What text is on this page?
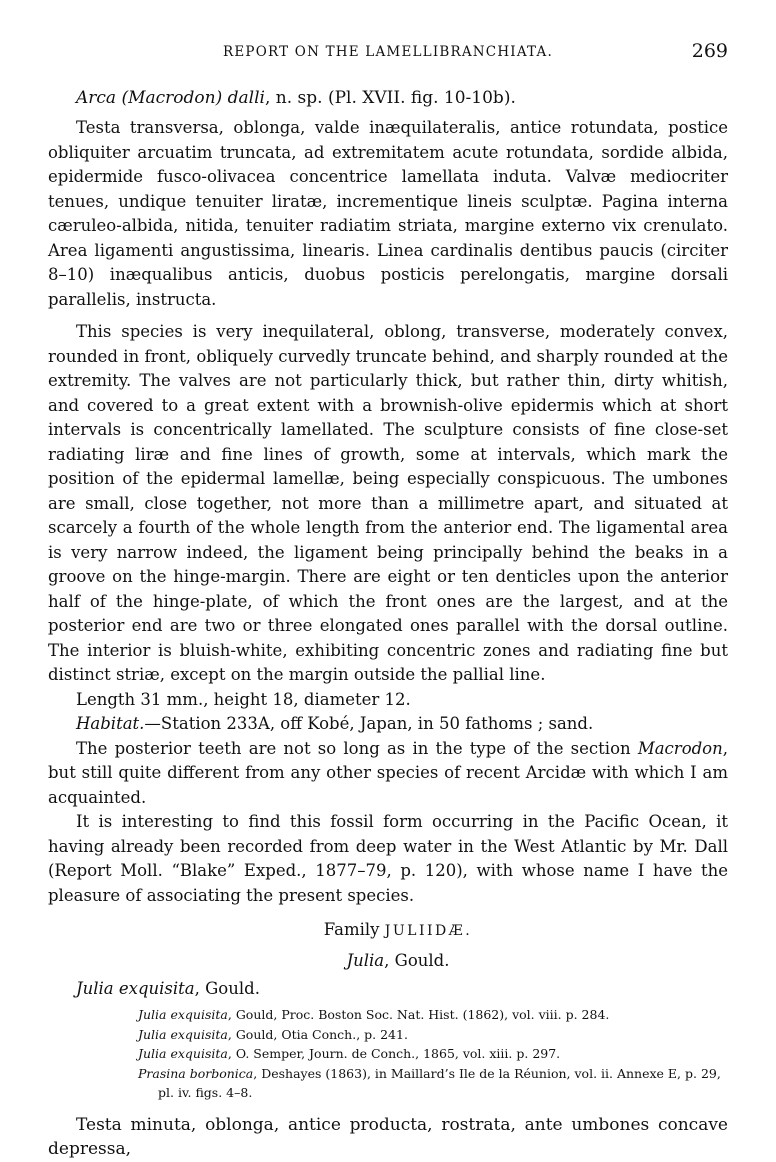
REPORT ON THE LAMELLIBRANCHIATA.	269
Arca (Macrodon) dalli, n. sp. (Pl. XVII. fig. 10-10b).

Testa transversa, oblonga, valde inæquilateralis, antice rotundata, postice obliquiter arcuatim truncata, ad extremitatem acute rotundata, sordide albida, epidermide fusco-olivacea concentrice lamellata induta. Valvæ mediocriter tenues, undique tenuiter liratæ, incrementique lineis sculptæ. Pagina interna cæruleo-albida, nitida, tenuiter radiatim striata, margine externo vix crenulato. Area ligamenti angustissima, linearis. Linea cardinalis dentibus paucis (circiter 8–10) inæqualibus anticis, duobus posticis perelongatis, margine dorsali parallelis, instructa.

This species is very inequilateral, oblong, transverse, moderately convex, rounded in front, obliquely curvedly truncate behind, and sharply rounded at the extremity. The valves are not particularly thick, but rather thin, dirty whitish, and covered to a great extent with a brownish-olive epidermis which at short intervals is concentrically lamellated. The sculpture consists of fine close-set radiating liræ and fine lines of growth, some at intervals, which mark the position of the epidermal lamellæ, being especially conspicuous. The umbones are small, close together, not more than a millimetre apart, and situated at scarcely a fourth of the whole length from the anterior end. The ligamental area is very narrow indeed, the ligament being principally behind the beaks in a groove on the hinge-margin. There are eight or ten denticles upon the anterior half of the hinge-plate, of which the front ones are the largest, and at the posterior end are two or three elongated ones parallel with the dorsal outline. The interior is bluish-white, exhibiting concentric zones and radiating fine but distinct striæ, except on the margin outside the pallial line.

Length 31 mm., height 18, diameter 12.

Habitat.—Station 233A, off Kobé, Japan, in 50 fathoms ; sand.

The posterior teeth are not so long as in the type of the section Macrodon, but still quite different from any other species of recent Arcidæ with which I am acquainted.

It is interesting to find this fossil form occurring in the Pacific Ocean, it having already been recorded from deep water in the West Atlantic by Mr. Dall (Report Moll. “Blake” Exped., 1877–79, p. 120), with whose name I have the pleasure of associating the present species.

Family JULIIDÆ.
Julia, Gould.
Julia exquisita, Gould.
Julia exquisita, Gould, Proc. Boston Soc. Nat. Hist. (1862), vol. viii. p. 284.
Julia exquisita, Gould, Otia Conch., p. 241.
Julia exquisita, O. Semper, Journ. de Conch., 1865, vol. xiii. p. 297.
Prasina borbonica, Deshayes (1863), in Maillard’s Ile de la Réunion, vol. ii. Annexe E, p. 29,
pl. iv. figs. 4–8.

Testa minuta, oblonga, antice producta, rostrata, ante umbones concave depressa,
